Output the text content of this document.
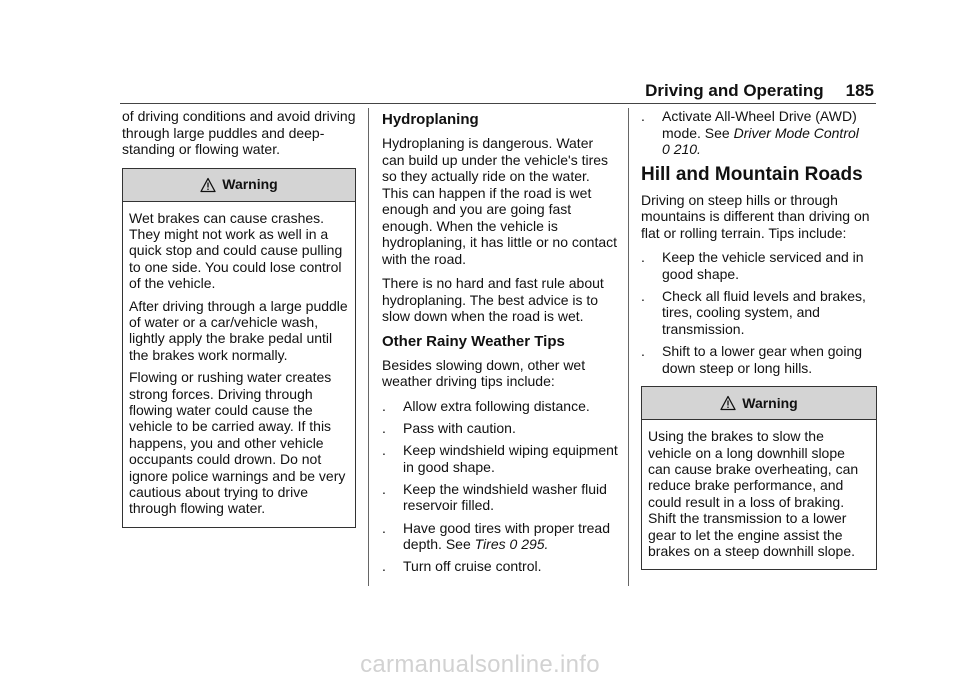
Driving and Operating 185

of driving conditions and avoid driving through large puddles and deep-standing or flowing water.

Warning

Wet brakes can cause crashes. They might not work as well in a quick stop and could cause pulling to one side. You could lose control of the vehicle.

After driving through a large puddle of water or a car/vehicle wash, lightly apply the brake pedal until the brakes work normally.

Flowing or rushing water creates strong forces. Driving through flowing water could cause the vehicle to be carried away. If this happens, you and other vehicle occupants could drown. Do not ignore police warnings and be very cautious about trying to drive through flowing water.

Hydroplaning

Hydroplaning is dangerous. Water can build up under the vehicle's tires so they actually ride on the water. This can happen if the road is wet enough and you are going fast enough. When the vehicle is hydroplaning, it has little or no contact with the road.

There is no hard and fast rule about hydroplaning. The best advice is to slow down when the road is wet.

Other Rainy Weather Tips

Besides slowing down, other wet weather driving tips include:

. Allow extra following distance.
. Pass with caution.
. Keep windshield wiping equipment in good shape.
. Keep the windshield washer fluid reservoir filled.
. Have good tires with proper tread depth. See Tires 0 295.
. Turn off cruise control.
. Activate All-Wheel Drive (AWD) mode. See Driver Mode Control
0 210.
Hill and Mountain Roads

Driving on steep hills or through mountains is different than driving on flat or rolling terrain. Tips include:

. Keep the vehicle serviced and in good shape.
. Check all fluid levels and brakes, tires, cooling system, and transmission.
. Shift to a lower gear when going down steep or long hills.
Warning

Using the brakes to slow the vehicle on a long downhill slope can cause brake overheating, can reduce brake performance, and could result in a loss of braking. Shift the transmission to a lower gear to let the engine assist the brakes on a steep downhill slope.

carmanualsonline.info
